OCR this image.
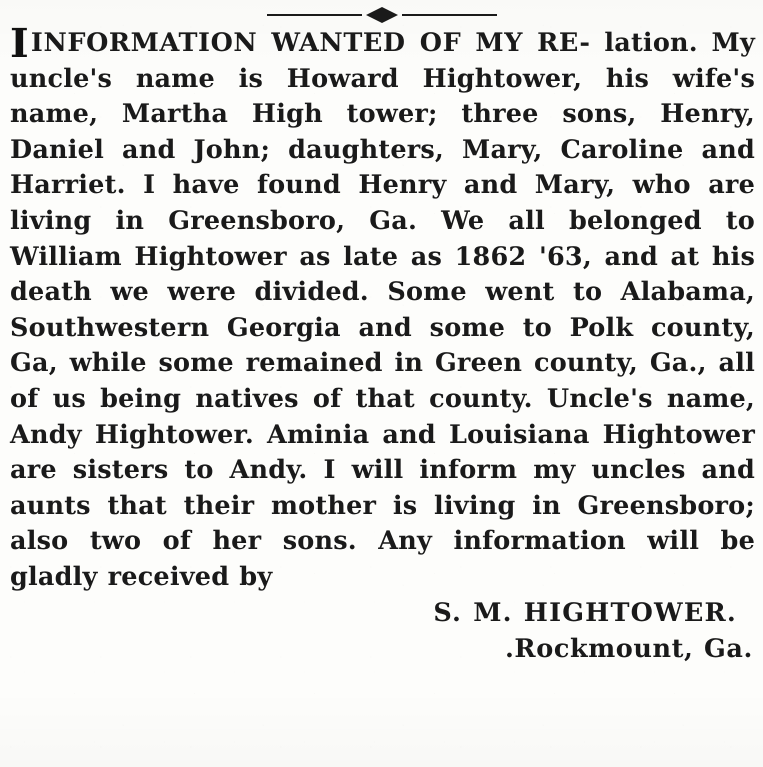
IINFORMATION WANTED OF MY RE- lation. My uncle's name is Howard Hightower, his wife's name, Martha High tower; three sons, Henry, Daniel and John; daughters, Mary, Caroline and Harriet. I have found Henry and Mary, who are living in Greensboro, Ga. We all belonged to William Hightower as late as 1862 '63, and at his death we were divided. Some went to Alabama, Southwestern Georgia and some to Polk county, Ga, while some remained in Green county, Ga., all of us being natives of that county. Uncle's name, Andy Hightower. Aminia and Louisiana Hightower are sisters to Andy. I will inform my uncles and aunts that their mother is living in Greensboro; also two of her sons. Any information will be gladly received by

S. M. HIGHTOWER.
.Rockmount, Ga.
